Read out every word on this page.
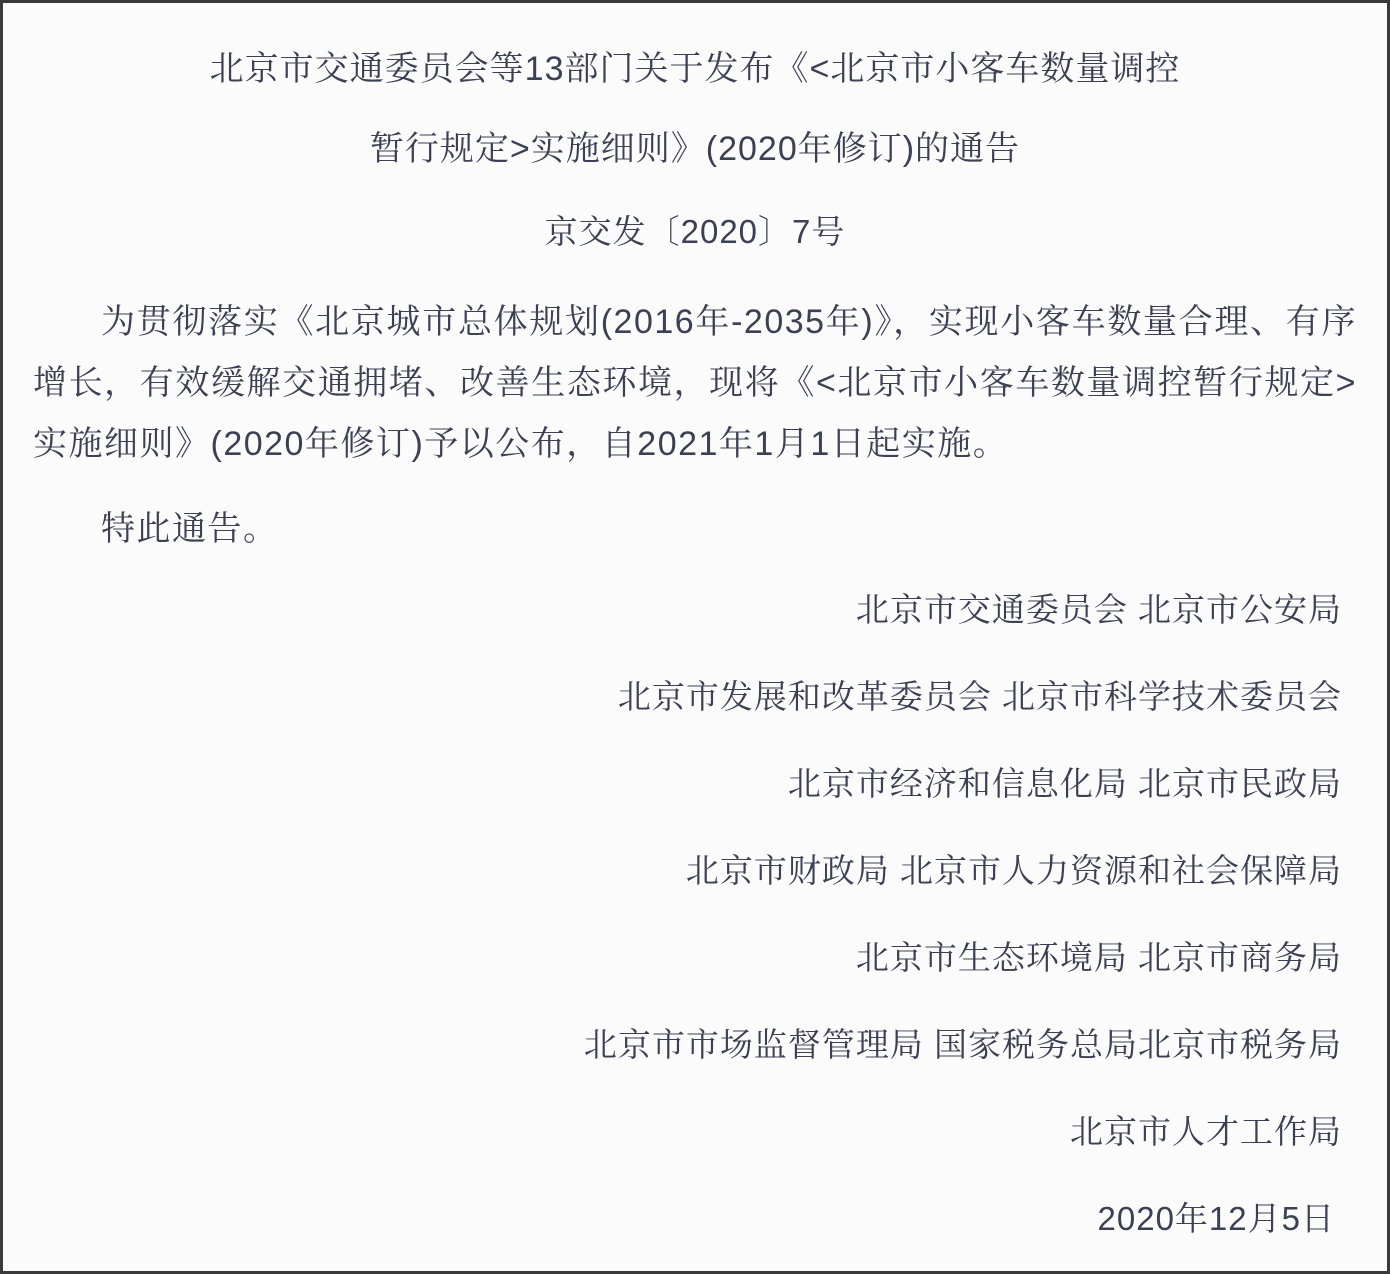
北京市交通委员会等13部门关于发布《<北京市小客车数量调控
暂行规定>实施细则》(2020年修订)的通告
京交发〔2020〕7号

为贯彻落实《北京城市总体规划(2016年-2035年)》，实现小客车数量合理、有序增长，有效缓解交通拥堵、改善生态环境，现将《<北京市小客车数量调控暂行规定>实施细则》(2020年修订)予以公布，自2021年1月1日起实施。

特此通告。

北京市交通委员会 北京市公安局
北京市发展和改革委员会 北京市科学技术委员会
北京市经济和信息化局 北京市民政局
北京市财政局 北京市人力资源和社会保障局
北京市生态环境局 北京市商务局
北京市市场监督管理局 国家税务总局北京市税务局
北京市人才工作局
2020年12月5日
